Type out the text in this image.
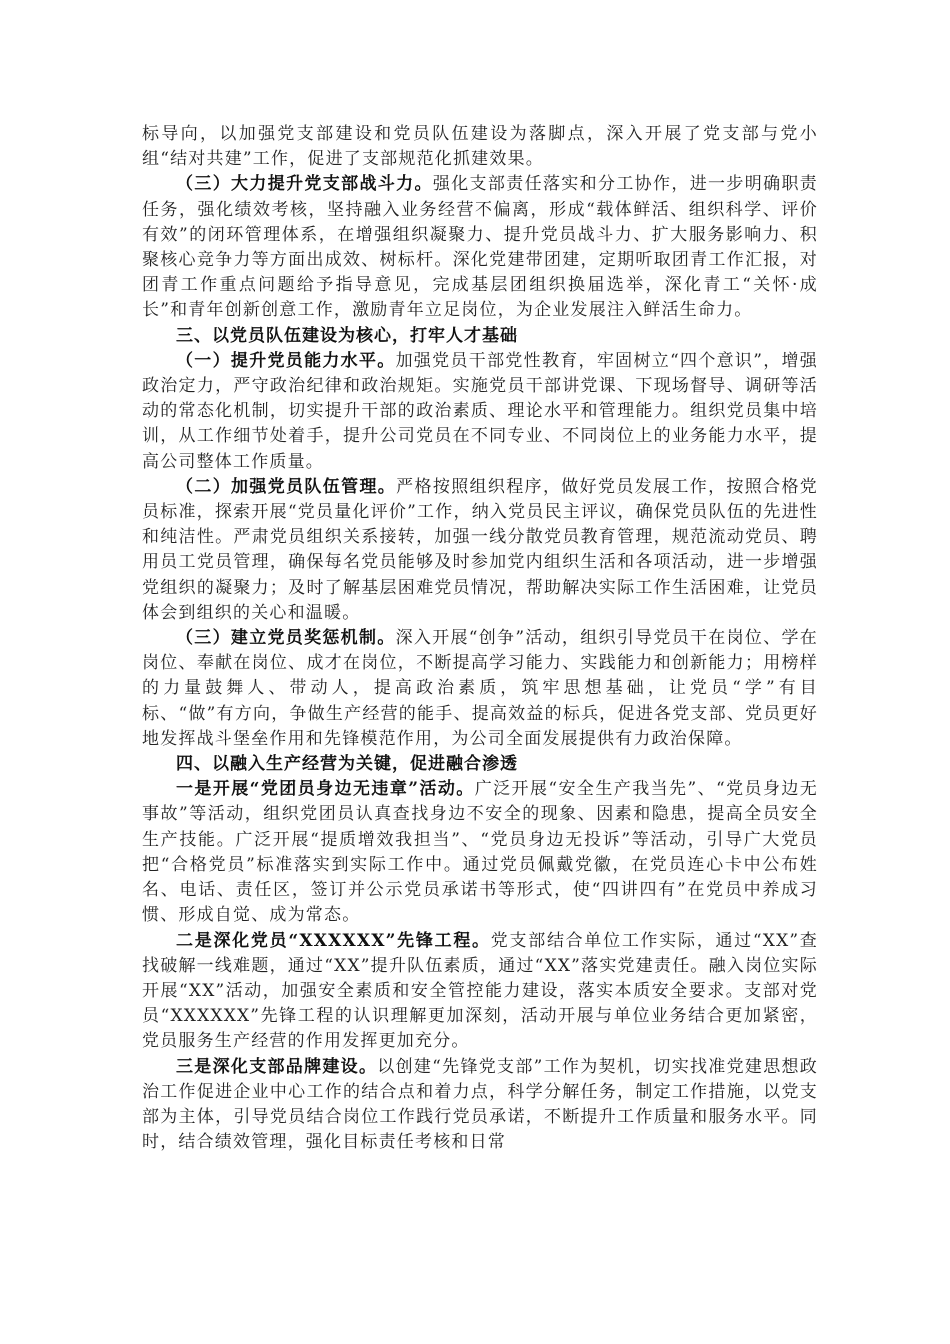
标导向，以加强党支部建设和党员队伍建设为落脚点，深入开展了党支部与党小组“结对共建”工作，促进了支部规范化抓建效果。

（三）大力提升党支部战斗力。强化支部责任落实和分工协作，进一步明确职责任务，强化绩效考核，坚持融入业务经营不偏离，形成“载体鲜活、组织科学、评价有效”的闭环管理体系，在增强组织凝聚力、提升党员战斗力、扩大服务影响力、积聚核心竞争力等方面出成效、树标杆。深化党建带团建，定期听取团青工作汇报，对团青工作重点问题给予指导意见，完成基层团组织换届选举，深化青工“关怀·成长”和青年创新创意工作，激励青年立足岗位，为企业发展注入鲜活生命力。

三、以党员队伍建设为核心，打牢人才基础

（一）提升党员能力水平。加强党员干部党性教育，牢固树立“四个意识”，增强政治定力，严守政治纪律和政治规矩。实施党员干部讲党课、下现场督导、调研等活动的常态化机制，切实提升干部的政治素质、理论水平和管理能力。组织党员集中培训，从工作细节处着手，提升公司党员在不同专业、不同岗位上的业务能力水平，提高公司整体工作质量。

（二）加强党员队伍管理。严格按照组织程序，做好党员发展工作，按照合格党员标准，探索开展“党员量化评价”工作，纳入党员民主评议，确保党员队伍的先进性和纯洁性。严肃党员组织关系接转，加强一线分散党员教育管理，规范流动党员、聘用员工党员管理，确保每名党员能够及时参加党内组织生活和各项活动，进一步增强党组织的凝聚力；及时了解基层困难党员情况，帮助解决实际工作生活困难，让党员体会到组织的关心和温暖。

（三）建立党员奖惩机制。深入开展“创争”活动，组织引导党员干在岗位、学在岗位、奉献在岗位、成才在岗位，不断提高学习能力、实践能力和创新能力；用榜样的力量鼓舞人、带动人，提高政治素质，筑牢思想基础，让党员“学”有目标、“做”有方向，争做生产经营的能手、提高效益的标兵，促进各党支部、党员更好地发挥战斗堡垒作用和先锋模范作用，为公司全面发展提供有力政治保障。

四、以融入生产经营为关键，促进融合渗透

一是开展“党团员身边无违章”活动。广泛开展“安全生产我当先”、“党员身边无事故”等活动，组织党团员认真查找身边不安全的现象、因素和隐患，提高全员安全生产技能。广泛开展“提质增效我担当”、“党员身边无投诉”等活动，引导广大党员把“合格党员”标准落实到实际工作中。通过党员佩戴党徽，在党员连心卡中公布姓名、电话、责任区，签订并公示党员承诺书等形式，使“四讲四有”在党员中养成习惯、形成自觉、成为常态。

二是深化党员“XXXXXX”先锋工程。党支部结合单位工作实际，通过“XX”查找破解一线难题，通过“XX”提升队伍素质，通过“XX”落实党建责任。融入岗位实际开展“XX”活动，加强安全素质和安全管控能力建设，落实本质安全要求。支部对党员“XXXXXX”先锋工程的认识理解更加深刻，活动开展与单位业务结合更加紧密，党员服务生产经营的作用发挥更加充分。

三是深化支部品牌建设。以创建“先锋党支部”工作为契机，切实找准党建思想政治工作促进企业中心工作的结合点和着力点，科学分解任务，制定工作措施，以党支部为主体，引导党员结合岗位工作践行党员承诺，不断提升工作质量和服务水平。同时，结合绩效管理，强化目标责任考核和日常
